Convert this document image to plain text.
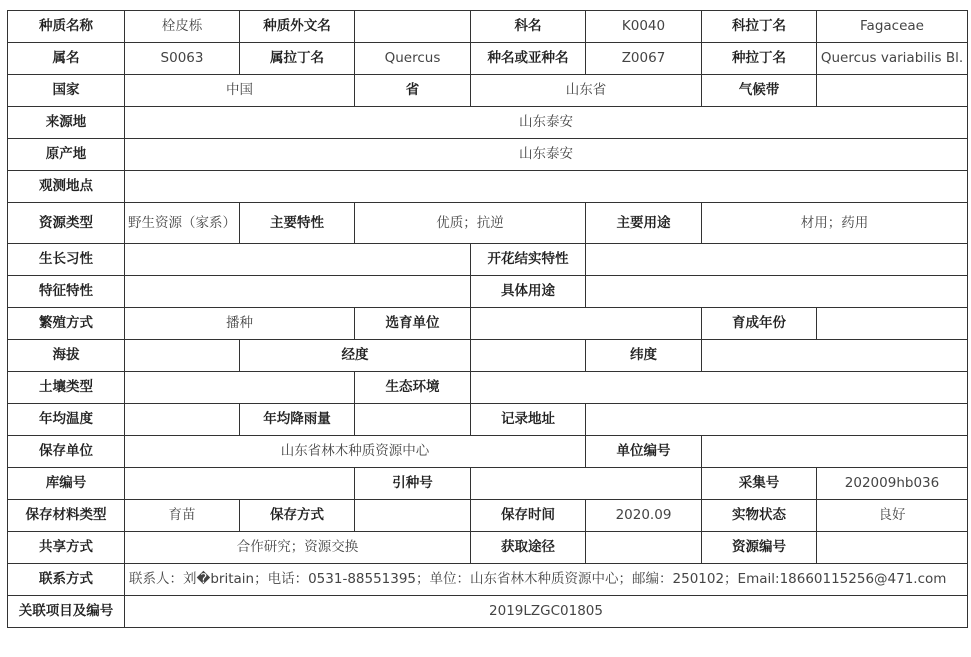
种质名称	栓皮栎	种质外文名		科名	K0040	科拉丁名	Fagaceae
属名	S0063	属拉丁名	Quercus	种名或亚种名	Z0067	种拉丁名	Quercus variabilis Bl.
国家	中国		省	山东省		气候带	
来源地	山东泰安						
原产地	山东泰安						
观测地点							
资源类型	野生资源（家系）	主要特性	优质；抗逆		主要用途	材用；药用	
生长习性				开花结实特性			
特征特性				具体用途			
繁殖方式	播种		选育单位			育成年份	
海拔		经度			纬度		
土壤类型			生态环境				
年均温度		年均降雨量		记录地址			
保存单位	山东省林木种质资源中心				单位编号		
库编号			引种号			采集号	202009hb036
保存材料类型	育苗	保存方式		保存时间	2020.09	实物状态	良好
共享方式	合作研究；资源交换			获取途径		资源编号	
联系方式	联系人：刘�britain；电话：0531-88551395；单位：山东省林木种质资源中心；邮编：250102；Email:18660115256@471.com						
关联项目及编号	2019LZGC01805						
